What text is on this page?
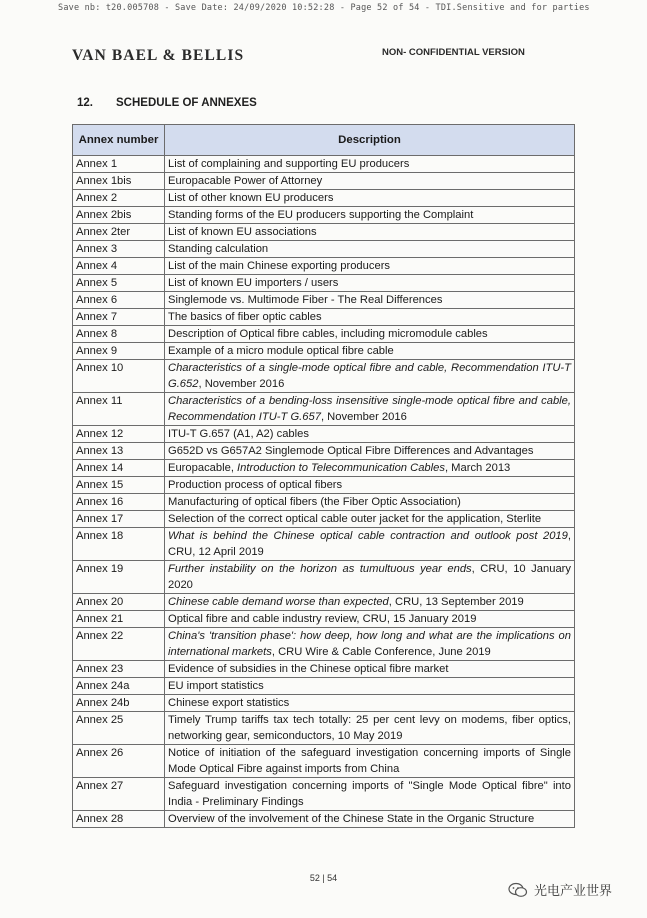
Save nb: t20.005708 - Save Date: 24/09/2020 10:52:28 - Page 52 of 54 - TDI.Sensitive and for parties
VAN BAEL & BELLIS	NON- CONFIDENTIAL VERSION
12. SCHEDULE OF ANNEXES
Annex number	Description
Annex 1	List of complaining and supporting EU producers
Annex 1bis	Europacable Power of Attorney
Annex 2	List of other known EU producers
Annex 2bis	Standing forms of the EU producers supporting the Complaint
Annex 2ter	List of known EU associations
Annex 3	Standing calculation
Annex 4	List of the main Chinese exporting producers
Annex 5	List of known EU importers / users
Annex 6	Singlemode vs. Multimode Fiber - The Real Differences
Annex 7	The basics of fiber optic cables
Annex 8	Description of Optical fibre cables, including micromodule cables
Annex 9	Example of a micro module optical fibre cable
Annex 10	Characteristics of a single-mode optical fibre and cable, Recommendation ITU-T G.652, November 2016
Annex 11	Characteristics of a bending-loss insensitive single-mode optical fibre and cable, Recommendation ITU-T G.657, November 2016
Annex 12	ITU-T G.657 (A1, A2) cables
Annex 13	G652D vs G657A2 Singlemode Optical Fibre Differences and Advantages
Annex 14	Europacable, Introduction to Telecommunication Cables, March 2013
Annex 15	Production process of optical fibers
Annex 16	Manufacturing of optical fibers (the Fiber Optic Association)
Annex 17	Selection of the correct optical cable outer jacket for the application, Sterlite
Annex 18	What is behind the Chinese optical cable contraction and outlook post 2019, CRU, 12 April 2019
Annex 19	Further instability on the horizon as tumultuous year ends, CRU, 10 January 2020
Annex 20	Chinese cable demand worse than expected, CRU, 13 September 2019
Annex 21	Optical fibre and cable industry review, CRU, 15 January 2019
Annex 22	China's 'transition phase': how deep, how long and what are the implications on international markets, CRU Wire & Cable Conference, June 2019
Annex 23	Evidence of subsidies in the Chinese optical fibre market
Annex 24a	EU import statistics
Annex 24b	Chinese export statistics
Annex 25	Timely Trump tariffs tax tech totally: 25 per cent levy on modems, fiber optics, networking gear, semiconductors, 10 May 2019
Annex 26	Notice of initiation of the safeguard investigation concerning imports of Single Mode Optical Fibre against imports from China
Annex 27	Safeguard investigation concerning imports of "Single Mode Optical fibre" into India - Preliminary Findings
Annex 28	Overview of the involvement of the Chinese State in the Organic Structure
52 | 54
光电产业世界
